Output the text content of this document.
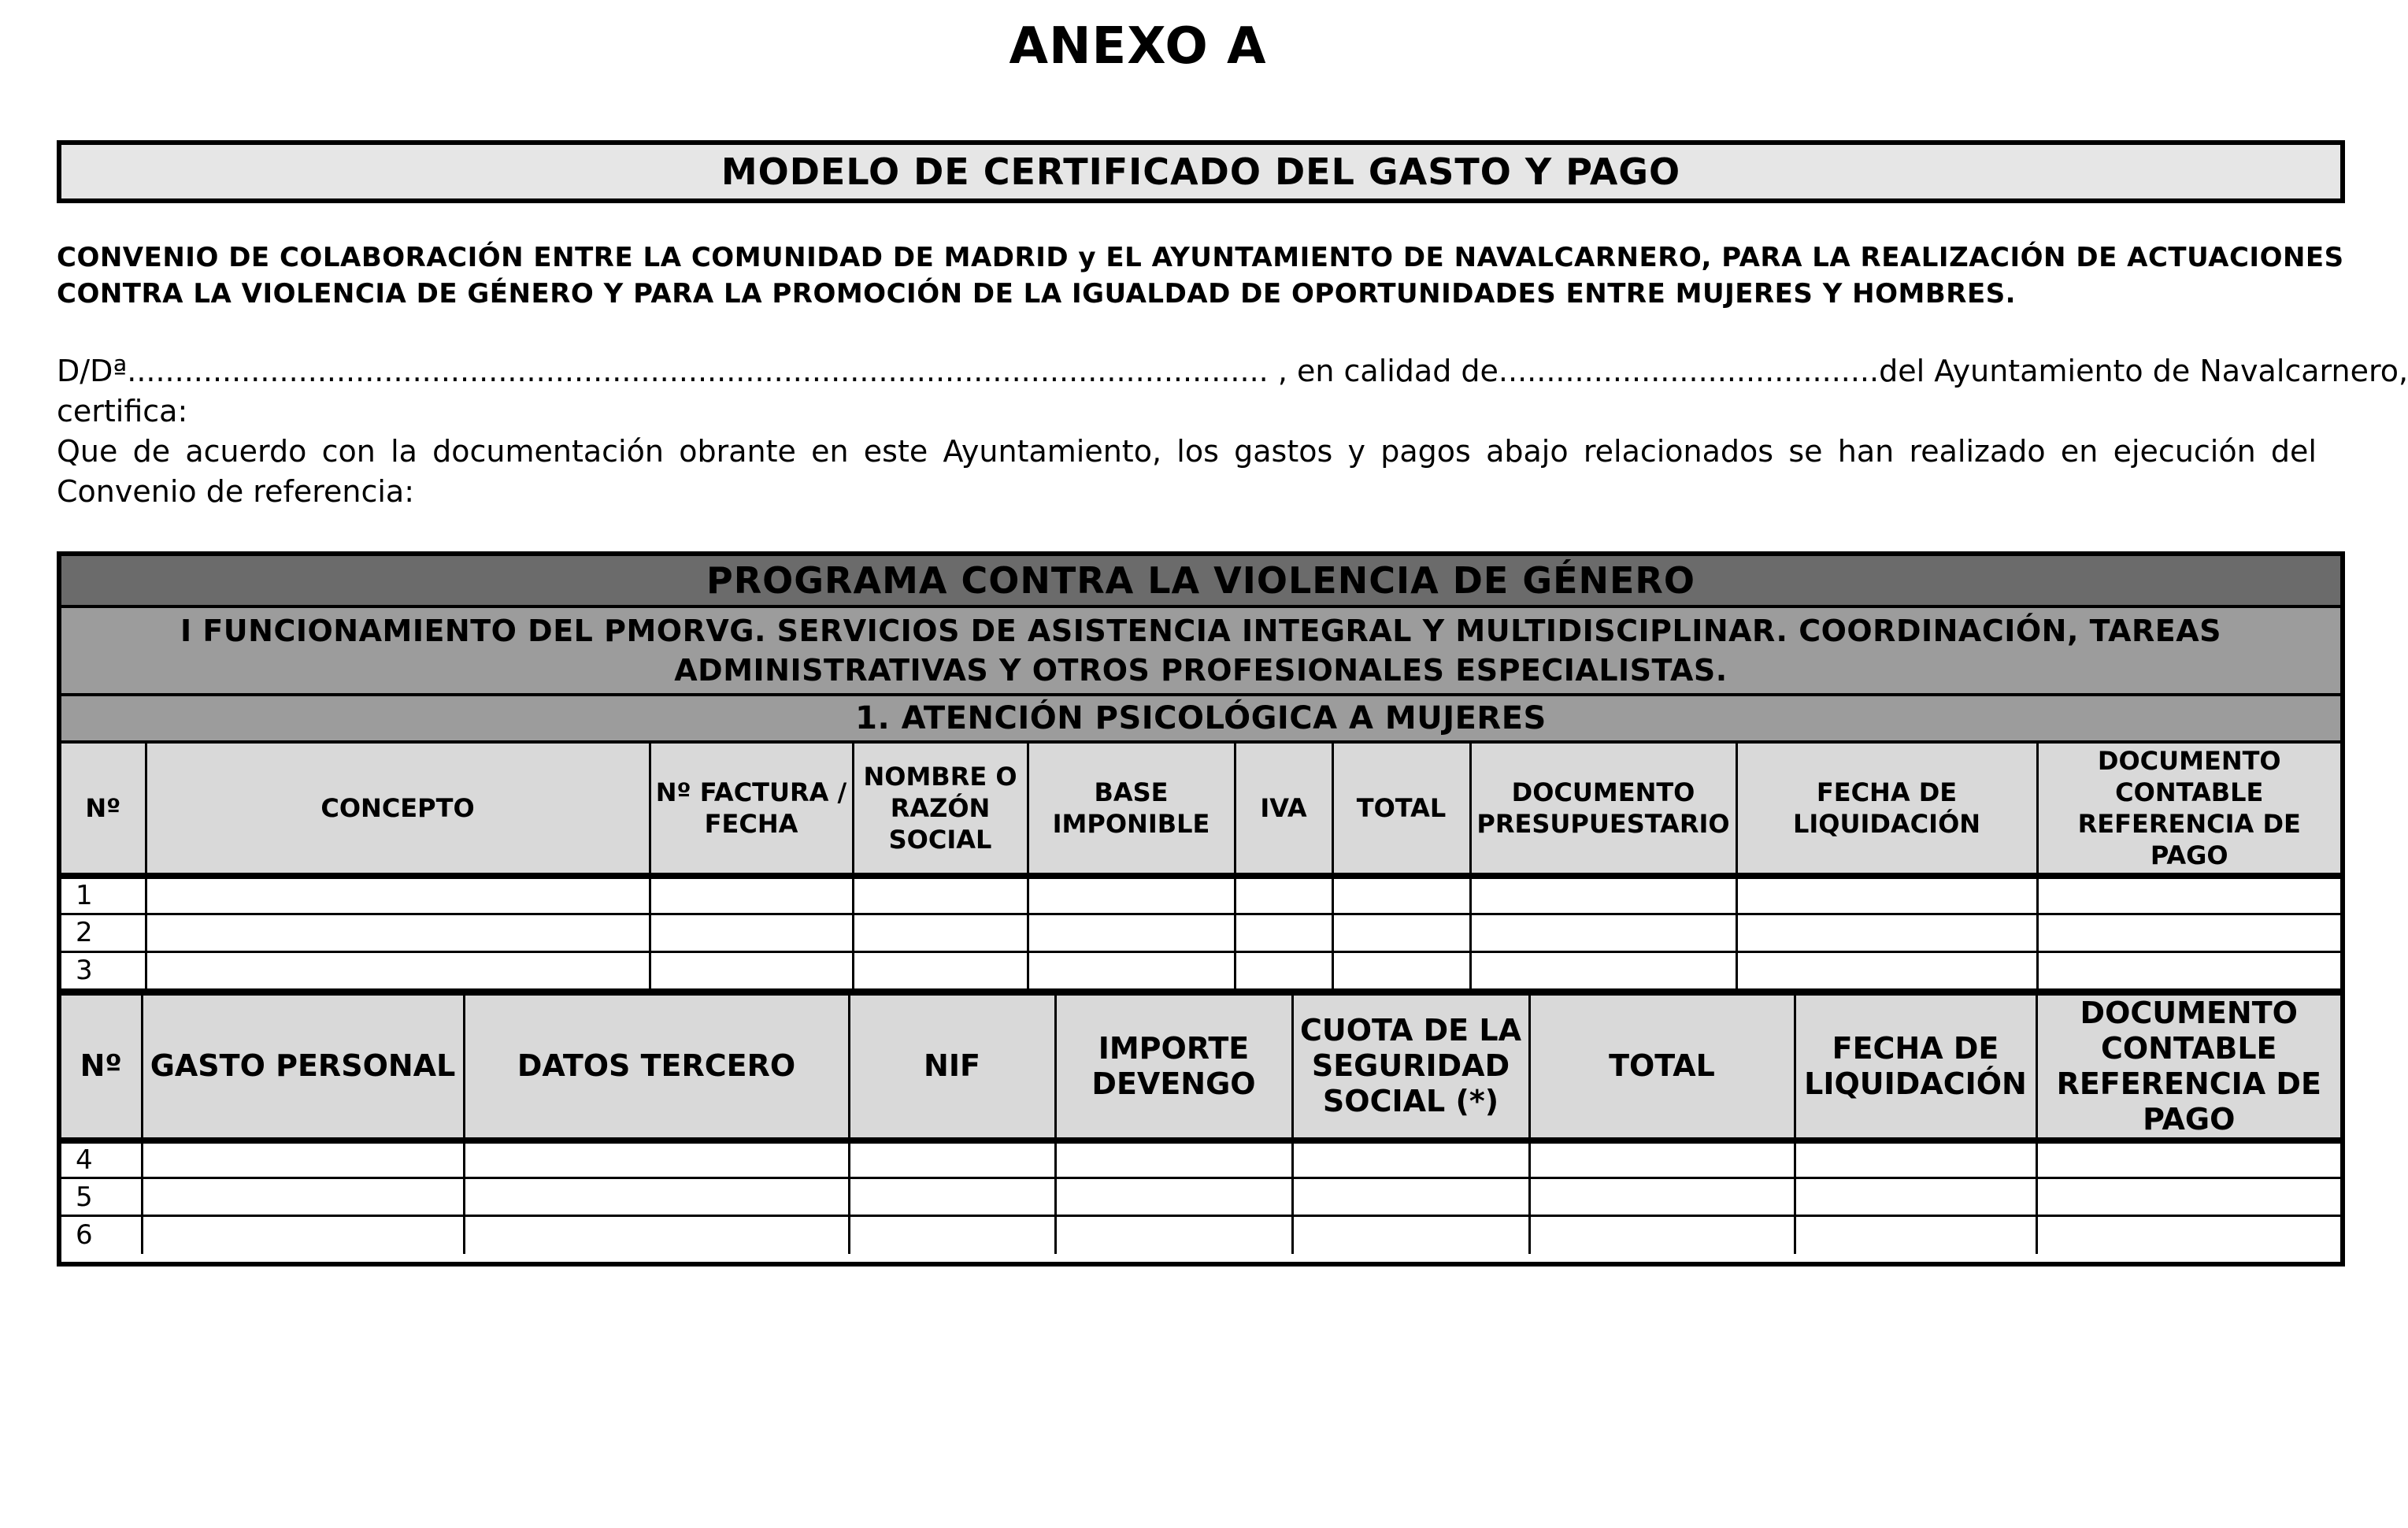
ANEXO A
MODELO DE CERTIFICADO DEL GASTO Y PAGO
CONVENIO DE COLABORACIÓN ENTRE LA COMUNIDAD DE MADRID y EL AYUNTAMIENTO DE NAVALCARNERO, PARA LA REALIZACIÓN DE ACTUACIONES CONTRA LA VIOLENCIA DE GÉNERO Y PARA LA PROMOCIÓN DE LA IGUALDAD DE OPORTUNIDADES ENTRE MUJERES Y HOMBRES.
D/Dª ........................................................................................................................ , en calidad de ........................................ del Ayuntamiento de Navalcarnero,

certifica:

Que de acuerdo con la documentación obrante en este Ayuntamiento, los gastos y pagos abajo relacionados se han realizado en ejecución del Convenio de referencia:

PROGRAMA CONTRA LA VIOLENCIA DE GÉNERO
I FUNCIONAMIENTO DEL PMORVG. SERVICIOS DE ASISTENCIA INTEGRAL Y MULTIDISCIPLINAR. COORDINACIÓN, TAREAS ADMINISTRATIVAS Y OTROS PROFESIONALES ESPECIALISTAS.
1. ATENCIÓN PSICOLÓGICA A MUJERES
Nº	CONCEPTO	Nº FACTURA / FECHA	NOMBRE O RAZÓN SOCIAL	BASE IMPONIBLE	IVA	TOTAL	DOCUMENTO PRESUPUESTARIO	FECHA DE LIQUIDACIÓN	DOCUMENTO CONTABLE REFERENCIA DE PAGO
1									
2									
3									
Nº	GASTO PERSONAL	DATOS TERCERO	NIF	IMPORTE DEVENGO	CUOTA DE LA SEGURIDAD SOCIAL (*)	TOTAL	FECHA DE LIQUIDACIÓN	DOCUMENTO CONTABLE REFERENCIA DE PAGO
4								
5								
6								
